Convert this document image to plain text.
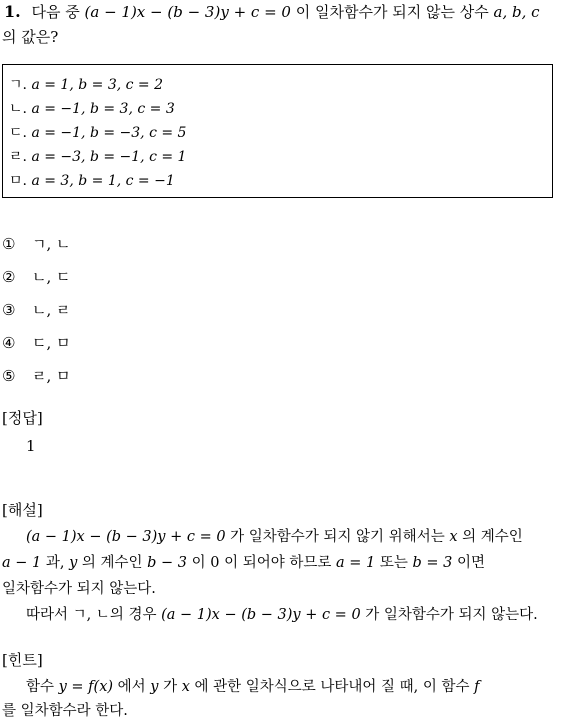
1. 다음 중 (a − 1)x − (b − 3)y + c = 0 이 일차함수가 되지 않는 상수 a, b, c
의 값은?
ㄱ. a = 1, b = 3, c = 2
ㄴ. a = −1, b = 3, c = 3
ㄷ. a = −1, b = −3, c = 5
ㄹ. a = −3, b = −1, c = 1
ㅁ. a = 3, b = 1, c = −1
① ㄱ, ㄴ
② ㄴ, ㄷ
③ ㄴ, ㄹ
④ ㄷ, ㅁ
⑤ ㄹ, ㅁ
[정답]
1
[해설]
(a − 1)x − (b − 3)y + c = 0 가 일차함수가 되지 않기 위해서는 x 의 계수인
a − 1 과, y 의 계수인 b − 3 이 0 이 되어야 하므로 a = 1 또는 b = 3 이면
일차함수가 되지 않는다.
따라서 ㄱ, ㄴ의 경우 (a − 1)x − (b − 3)y + c = 0 가 일차함수가 되지 않는다.
[힌트]
함수 y = f(x) 에서 y 가 x 에 관한 일차식으로 나타내어 질 때, 이 함수 f
를 일차함수라 한다.
